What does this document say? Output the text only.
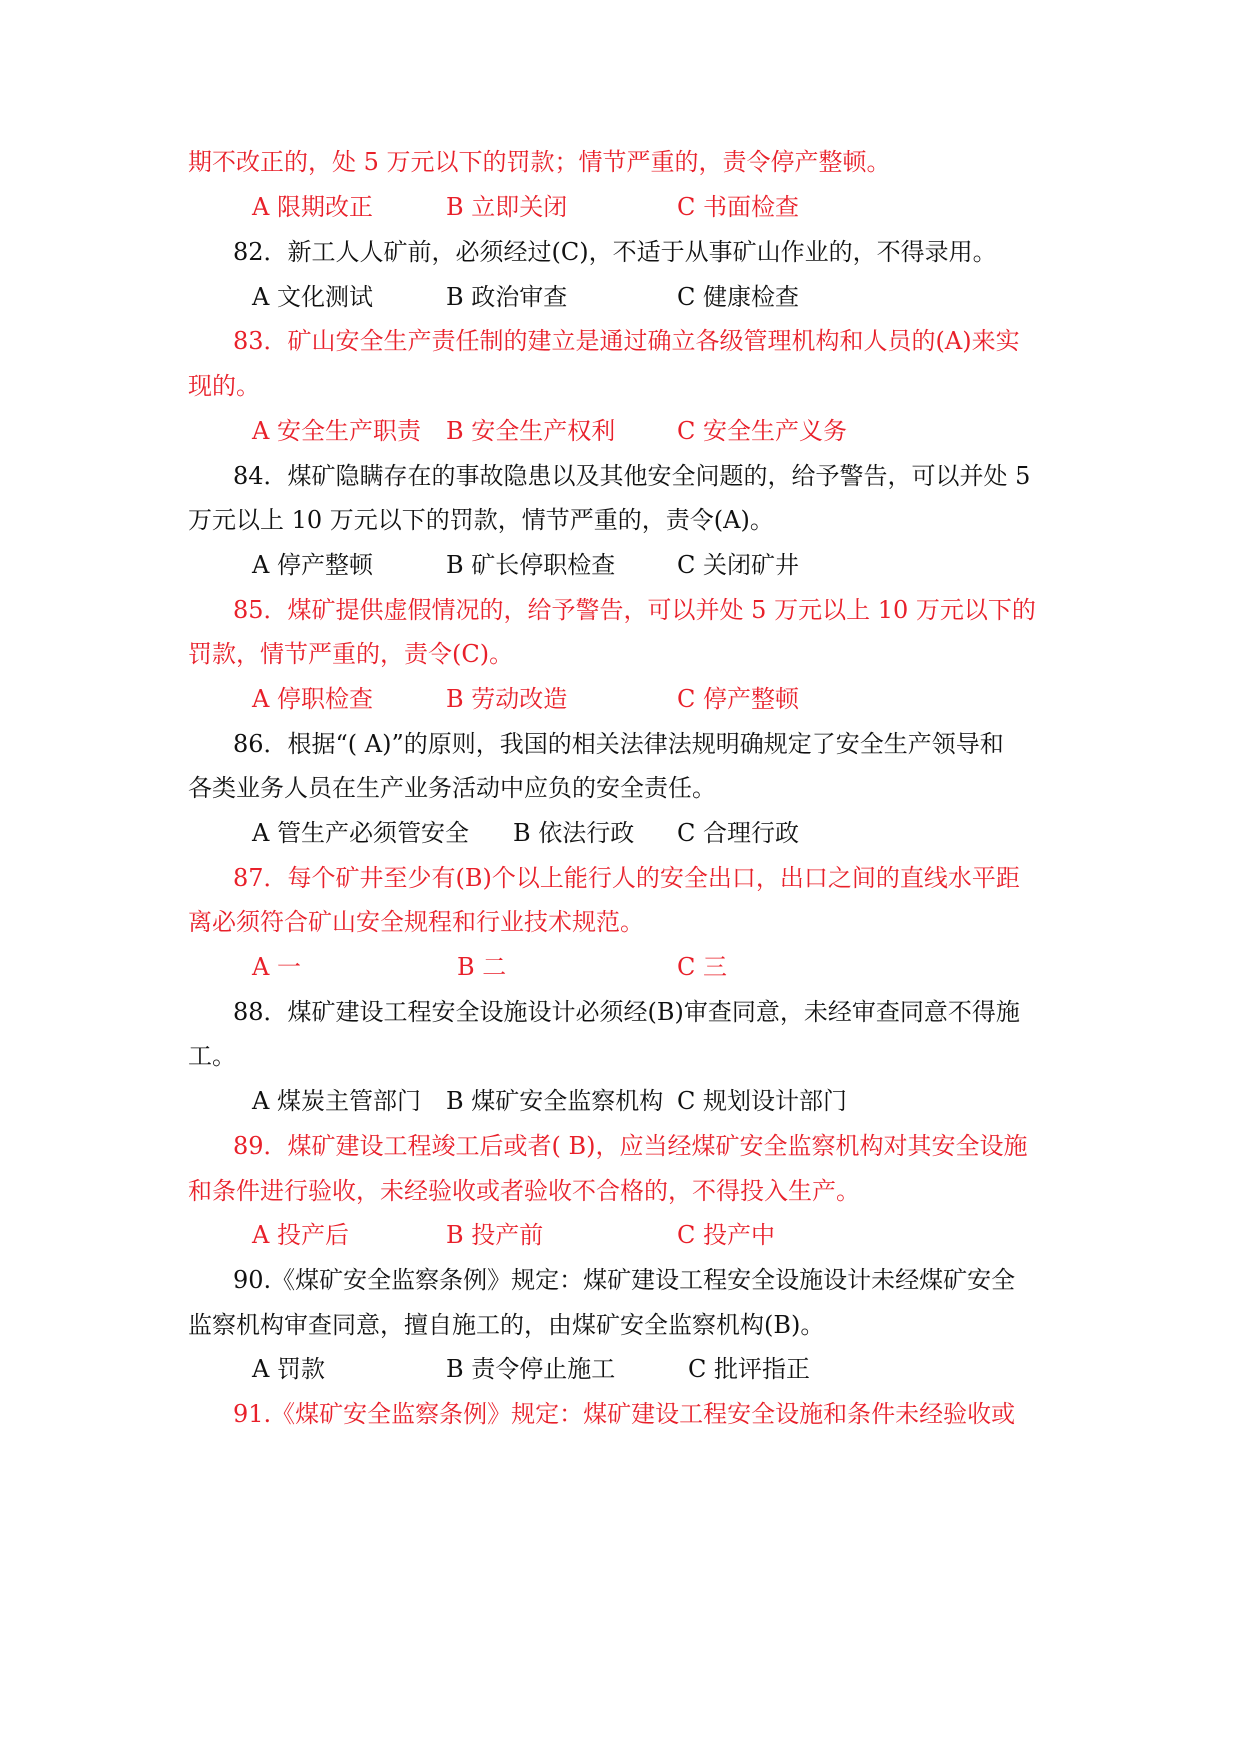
期不改正的，处 5 万元以下的罚款；情节严重的，责令停产整顿。
A 限期改正	B 立即关闭	C 书面检查
82．新工人人矿前，必须经过(C)，不适于从事矿山作业的，不得录用。
A 文化测试	B 政治审查	C 健康检查
83．矿山安全生产责任制的建立是通过确立各级管理机构和人员的(A)来实
现的。
A 安全生产职责 B 安全生产权利	C 安全生产义务
84．煤矿隐瞒存在的事故隐患以及其他安全问题的，给予警告，可以并处 5
万元以上 10 万元以下的罚款，情节严重的，责令(A)。
A 停产整顿	B 矿长停职检查	C 关闭矿井
85．煤矿提供虚假情况的，给予警告，可以并处 5 万元以上 10 万元以下的
罚款，情节严重的，责令(C)。
A 停职检查	B 劳动改造	C 停产整顿
86．根据“( A)”的原则，我国的相关法律法规明确规定了安全生产领导和
各类业务人员在生产业务活动中应负的安全责任。
A 管生产必须管安全 B 依法行政 C 合理行政
87．每个矿井至少有(B)个以上能行人的安全出口，出口之间的直线水平距
离必须符合矿山安全规程和行业技术规范。
A 一	B 二	C 三
88．煤矿建设工程安全设施设计必须经(B)审查同意，未经审查同意不得施
工。
A 煤炭主管部门 B 煤矿安全监察机构 C 规划设计部门
89．煤矿建设工程竣工后或者( B)，应当经煤矿安全监察机构对其安全设施
和条件进行验收，未经验收或者验收不合格的，不得投入生产。
A 投产后	B 投产前	C 投产中
90.《煤矿安全监察条例》规定：煤矿建设工程安全设施设计未经煤矿安全
监察机构审查同意，擅自施工的，由煤矿安全监察机构(B)。
A 罚款	B 责令停止施工	C 批评指正
91.《煤矿安全监察条例》规定：煤矿建设工程安全设施和条件未经验收或
